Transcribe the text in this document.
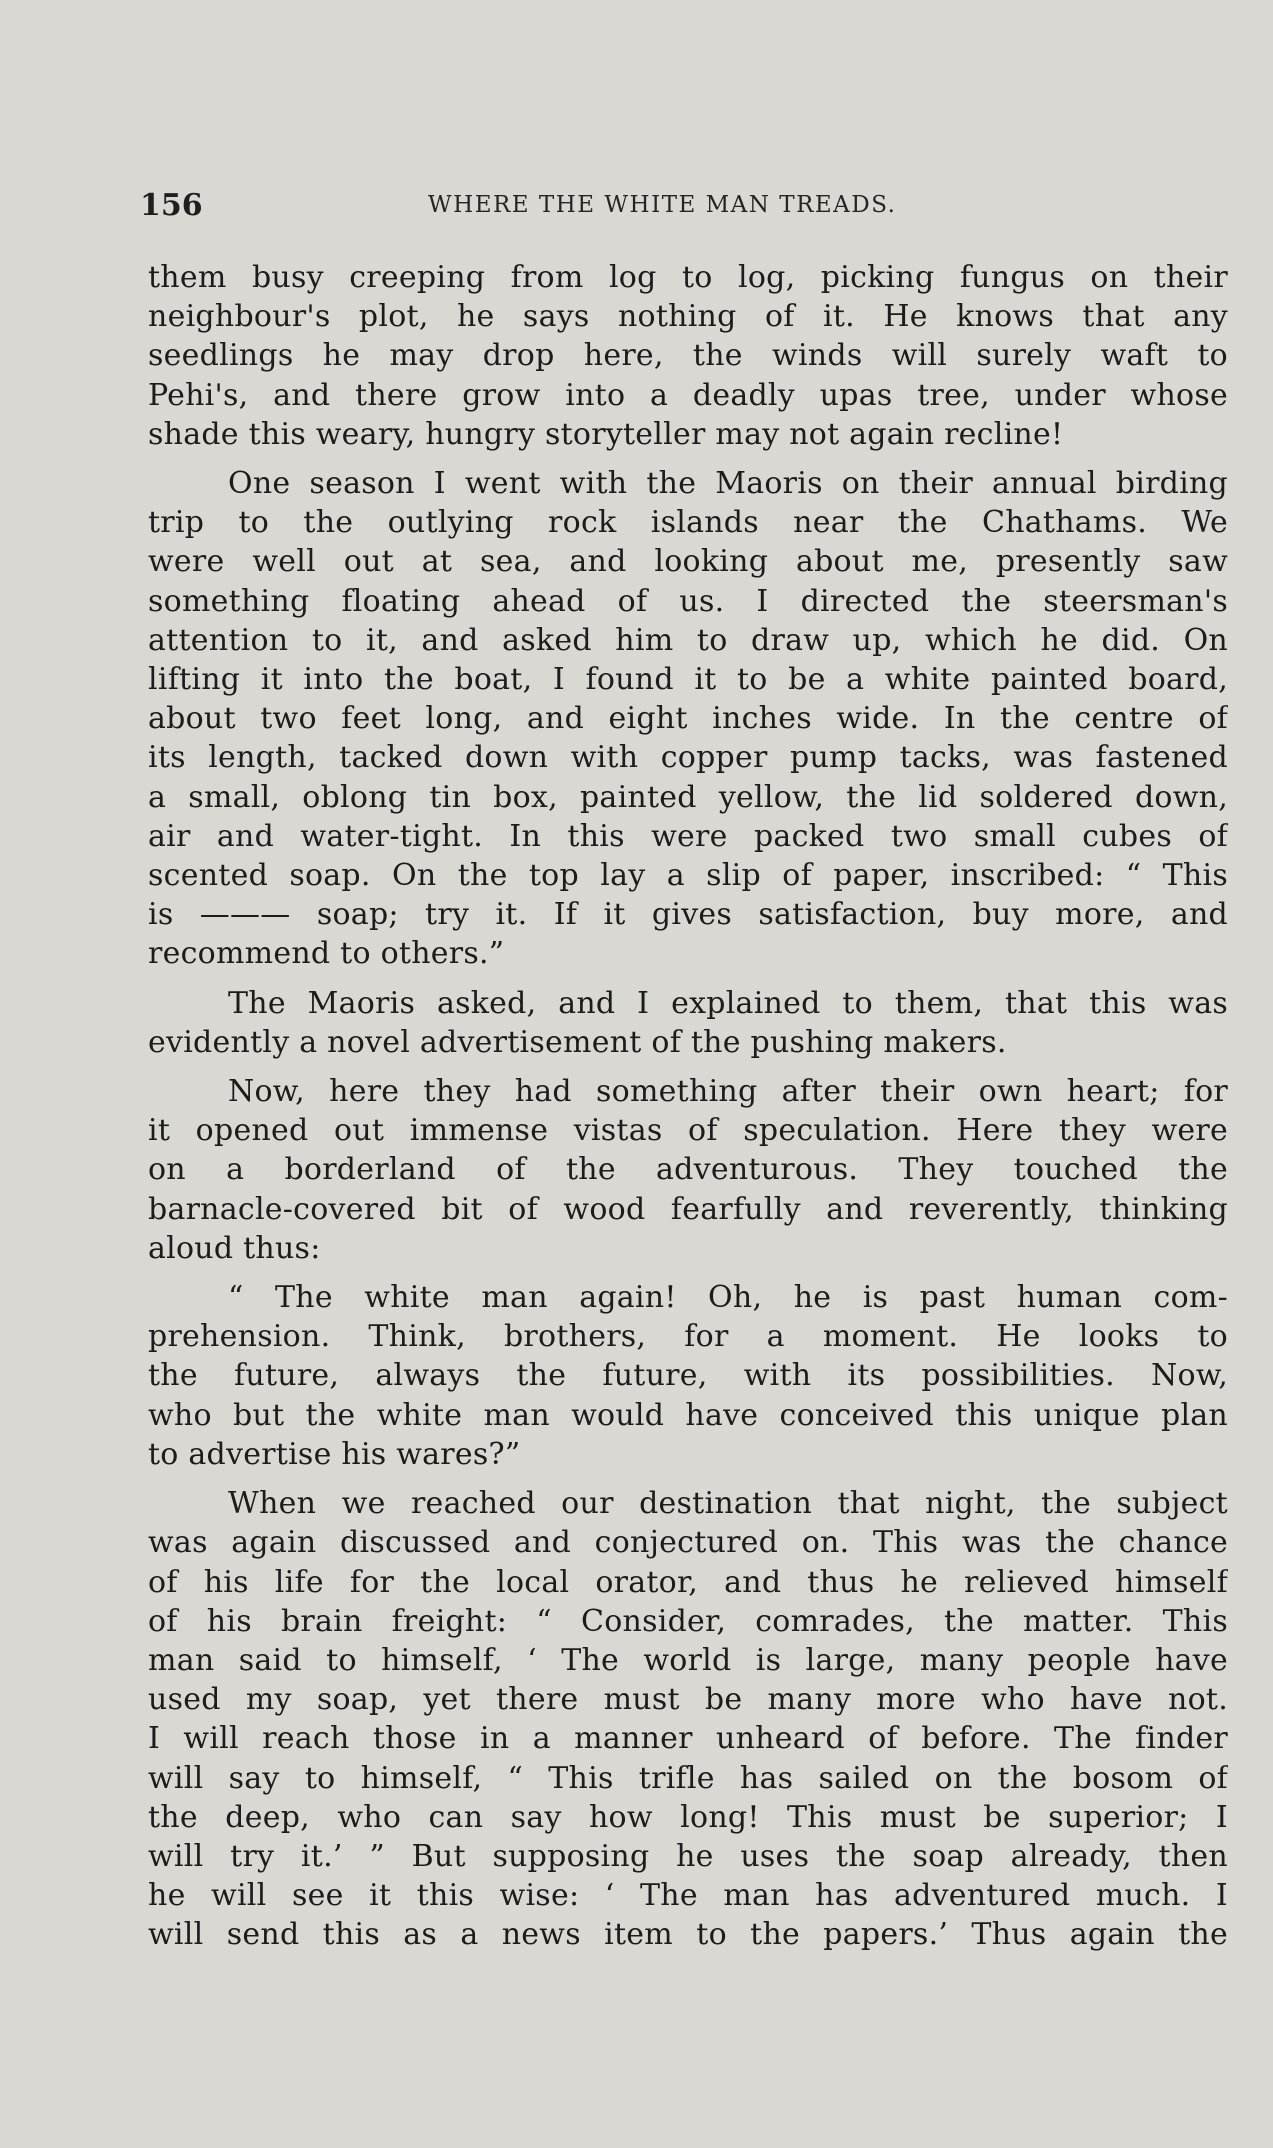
156	WHERE THE WHITE MAN TREADS.

them busy creeping from log to log, picking fungus on their
neighbour's plot, he says nothing of it. He knows that any
seedlings he may drop here, the winds will surely waft to
Pehi's, and there grow into a deadly upas tree, under whose
shade this weary, hungry storyteller may not again recline!

One season I went with the Maoris on their annual birding
trip to the outlying rock islands near the Chathams. We
were well out at sea, and looking about me, presently saw
something floating ahead of us. I directed the steersman's
attention to it, and asked him to draw up, which he did. On
lifting it into the boat, I found it to be a white painted board,
about two feet long, and eight inches wide. In the centre of
its length, tacked down with copper pump tacks, was fastened
a small, oblong tin box, painted yellow, the lid soldered down,
air and water-tight. In this were packed two small cubes of
scented soap. On the top lay a slip of paper, inscribed: “ This
is ——— soap; try it. If it gives satisfaction, buy more, and
recommend to others.”

The Maoris asked, and I explained to them, that this was
evidently a novel advertisement of the pushing makers.

Now, here they had something after their own heart; for
it opened out immense vistas of speculation. Here they were
on a borderland of the adventurous. They touched the
barnacle-covered bit of wood fearfully and reverently, thinking
aloud thus:

“ The white man again! Oh, he is past human com-
prehension. Think, brothers, for a moment. He looks to
the future, always the future, with its possibilities. Now,
who but the white man would have conceived this unique plan
to advertise his wares?”

When we reached our destination that night, the subject
was again discussed and conjectured on. This was the chance
of his life for the local orator, and thus he relieved himself
of his brain freight: “ Consider, comrades, the matter. This
man said to himself, ‘ The world is large, many people have
used my soap, yet there must be many more who have not.
I will reach those in a manner unheard of before. The finder
will say to himself, “ This trifle has sailed on the bosom of
the deep, who can say how long! This must be superior; I
will try it.’ ” But supposing he uses the soap already, then
he will see it this wise: ‘ The man has adventured much. I
will send this as a news item to the papers.’ Thus again the
